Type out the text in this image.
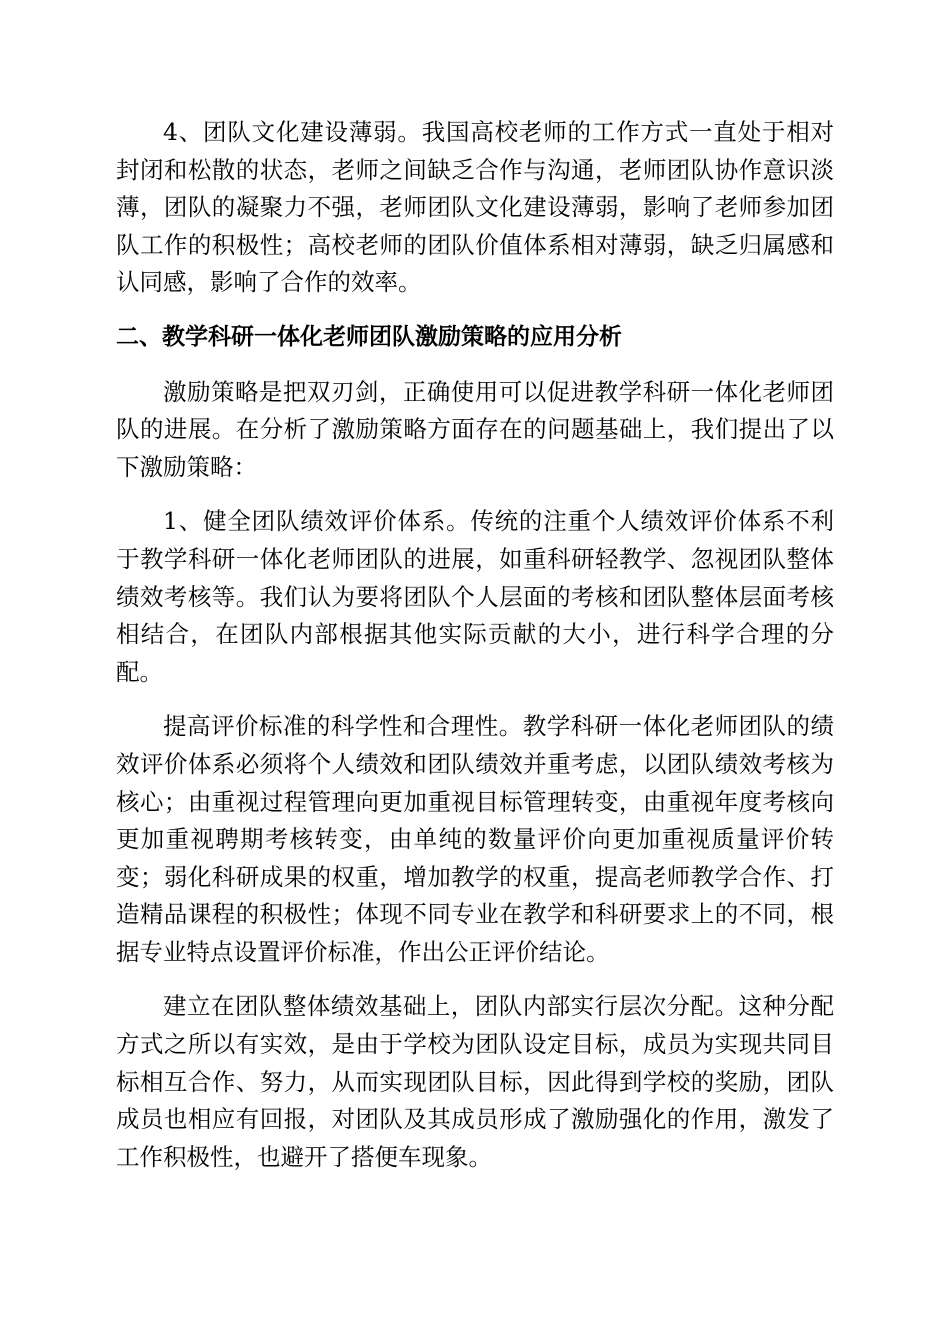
4、团队文化建设薄弱。我国高校老师的工作方式一直处于相对封闭和松散的状态，老师之间缺乏合作与沟通，老师团队协作意识淡薄，团队的凝聚力不强，老师团队文化建设薄弱，影响了老师参加团队工作的积极性；高校老师的团队价值体系相对薄弱，缺乏归属感和认同感，影响了合作的效率。

二、教学科研一体化老师团队激励策略的应用分析

激励策略是把双刃剑，正确使用可以促进教学科研一体化老师团队的进展。在分析了激励策略方面存在的问题基础上，我们提出了以下激励策略：

1、健全团队绩效评价体系。传统的注重个人绩效评价体系不利于教学科研一体化老师团队的进展，如重科研轻教学、忽视团队整体绩效考核等。我们认为要将团队个人层面的考核和团队整体层面考核相结合，在团队内部根据其他实际贡献的大小，进行科学合理的分配。

提高评价标准的科学性和合理性。教学科研一体化老师团队的绩效评价体系必须将个人绩效和团队绩效并重考虑，以团队绩效考核为核心；由重视过程管理向更加重视目标管理转变，由重视年度考核向更加重视聘期考核转变，由单纯的数量评价向更加重视质量评价转变；弱化科研成果的权重，增加教学的权重，提高老师教学合作、打造精品课程的积极性；体现不同专业在教学和科研要求上的不同，根据专业特点设置评价标准，作出公正评价结论。

建立在团队整体绩效基础上，团队内部实行层次分配。这种分配方式之所以有实效，是由于学校为团队设定目标，成员为实现共同目标相互合作、努力，从而实现团队目标，因此得到学校的奖励，团队成员也相应有回报，对团队及其成员形成了激励强化的作用，激发了工作积极性，也避开了搭便车现象。
